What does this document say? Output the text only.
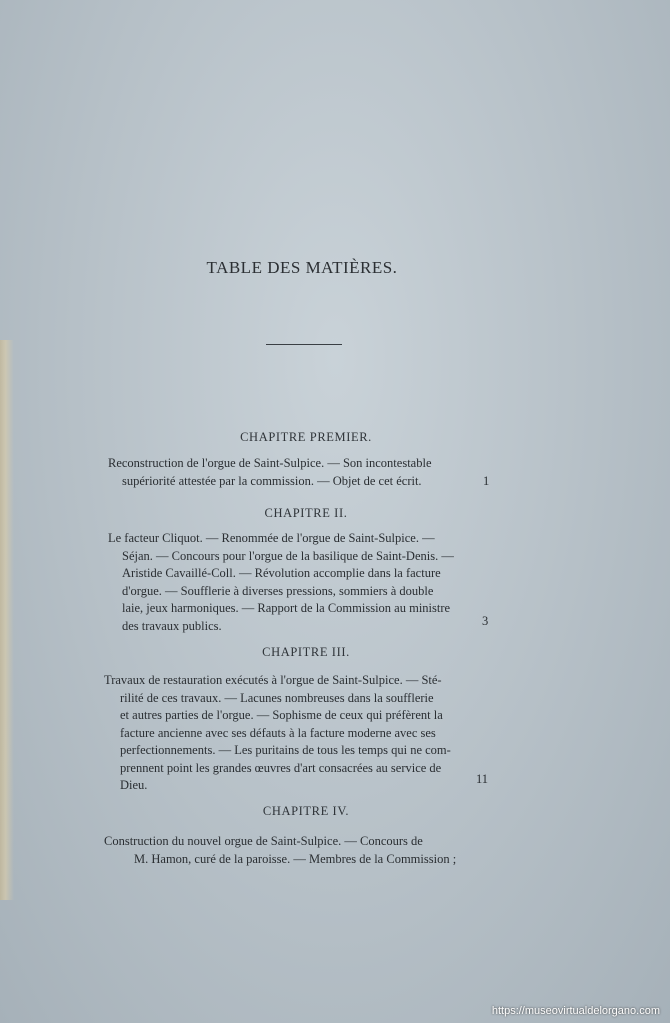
TABLE DES MATIÈRES.
CHAPITRE PREMIER.
Reconstruction de l'orgue de Saint-Sulpice. — Son incontestable
supériorité attestée par la commission. — Objet de cet écrit.	1
CHAPITRE II.
Le facteur Cliquot. — Renommée de l'orgue de Saint-Sulpice. —
Séjan. — Concours pour l'orgue de la basilique de Saint-Denis. —
Aristide Cavaillé-Coll. — Révolution accomplie dans la facture
d'orgue. — Soufflerie à diverses pressions, sommiers à double
laie, jeux harmoniques. — Rapport de la Commission au ministre
des travaux publics.	3
CHAPITRE III.
Travaux de restauration exécutés à l'orgue de Saint-Sulpice. — Sté-
rilité de ces travaux. — Lacunes nombreuses dans la soufflerie
et autres parties de l'orgue. — Sophisme de ceux qui préfèrent la
facture ancienne avec ses défauts à la facture moderne avec ses
perfectionnements. — Les puritains de tous les temps qui ne com-
prennent point les grandes œuvres d'art consacrées au service de
Dieu.	11
CHAPITRE IV.
Construction du nouvel orgue de Saint-Sulpice. — Concours de
M. Hamon, curé de la paroisse. — Membres de la Commission ;
https://museovirtualdelorgano.com
